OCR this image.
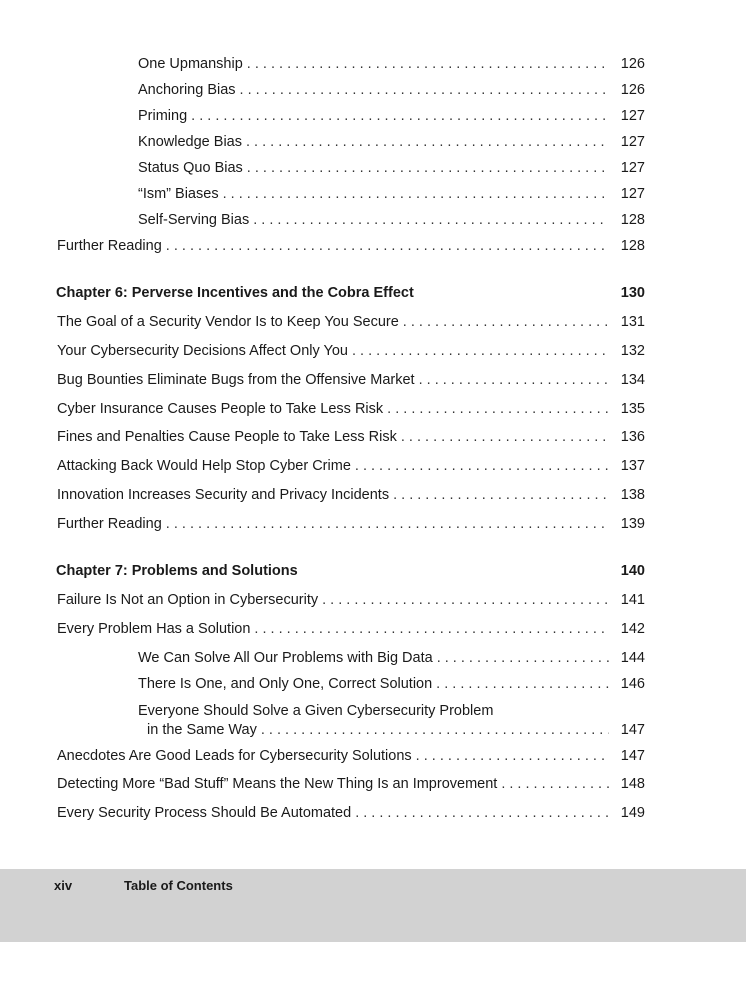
One Upmanship . . .	126
Anchoring Bias . . .	126
Priming . . .	127
Knowledge Bias . . .	127
Status Quo Bias . . .	127
“Ism” Biases . . .	127
Self-Serving Bias . . .	128
Further Reading . . .	128
Chapter 6: Perverse Incentives and the Cobra Effect	130
The Goal of a Security Vendor Is to Keep You Secure . . .	131
Your Cybersecurity Decisions Affect Only You . . .	132
Bug Bounties Eliminate Bugs from the Offensive Market . . .	134
Cyber Insurance Causes People to Take Less Risk . . .	135
Fines and Penalties Cause People to Take Less Risk . . .	136
Attacking Back Would Help Stop Cyber Crime . . .	137
Innovation Increases Security and Privacy Incidents . . .	138
Further Reading . . .	139
Chapter 7: Problems and Solutions	140
Failure Is Not an Option in Cybersecurity . . .	141
Every Problem Has a Solution . . .	142
We Can Solve All Our Problems with Big Data . . .	144
There Is One, and Only One, Correct Solution . . .	146
Everyone Should Solve a Given Cybersecurity Problem
in the Same Way . . .	147
Anecdotes Are Good Leads for Cybersecurity Solutions . . .	147
Detecting More “Bad Stuff” Means the New Thing Is an Improvement . . .	148
Every Security Process Should Be Automated . . .	149
xiv	Table of Contents
